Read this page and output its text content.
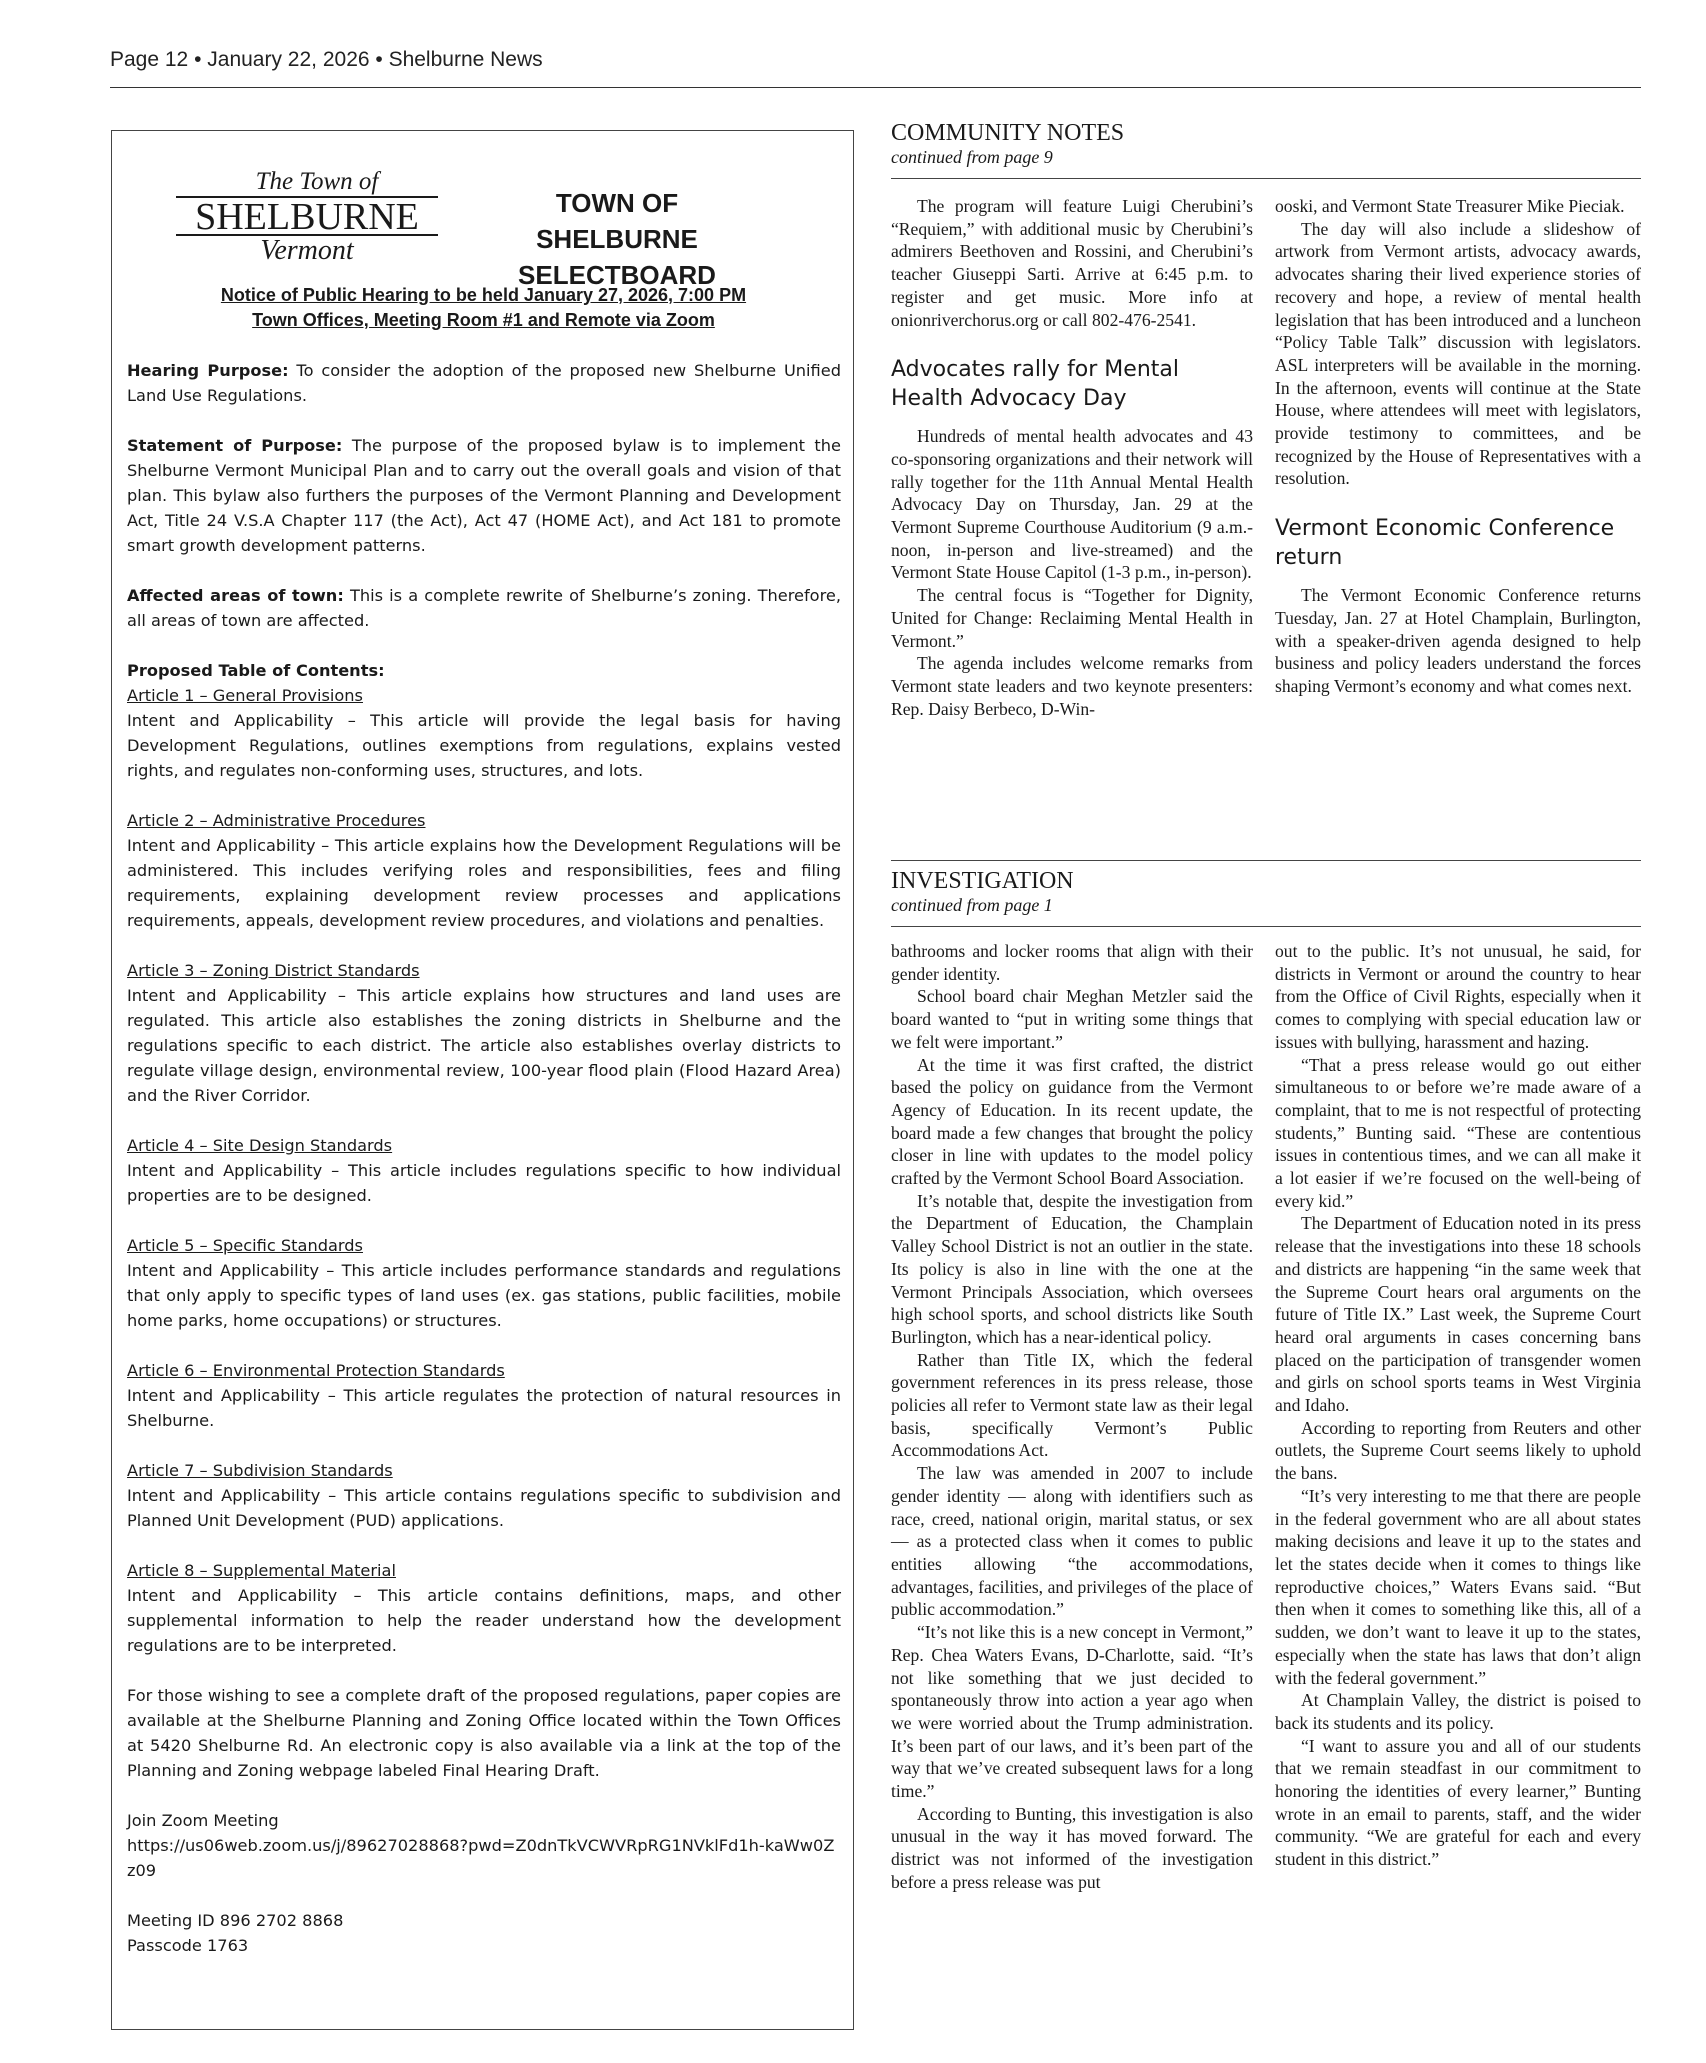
Page 12 • January 22, 2026 • Shelburne News
The Town of
SHELBURNE
Vermont
TOWN OF SHELBURNE
SELECTBOARD
Notice of Public Hearing to be held January 27, 2026, 7:00 PM
Town Offices, Meeting Room #1 and Remote via Zoom

Hearing Purpose: To consider the adoption of the proposed new Shelburne Unified Land Use Regulations.

Statement of Purpose: The purpose of the proposed bylaw is to implement the Shelburne Vermont Municipal Plan and to carry out the overall goals and vision of that plan. This bylaw also furthers the purposes of the Vermont Planning and Development Act, Title 24 V.S.A Chapter 117 (the Act), Act 47 (HOME Act), and Act 181 to promote smart growth development patterns.

Affected areas of town: This is a complete rewrite of Shelburne’s zoning. Therefore, all areas of town are affected.

Proposed Table of Contents:
Article 1 – General Provisions
Intent and Applicability – This article will provide the legal basis for having Development Regulations, outlines exemptions from regulations, explains vested rights, and regulates non-conforming uses, structures, and lots.
Article 2 – Administrative Procedures
Intent and Applicability – This article explains how the Development Regulations will be administered. This includes verifying roles and responsibilities, fees and filing requirements, explaining development review processes and applications requirements, appeals, development review procedures, and violations and penalties.
Article 3 – Zoning District Standards
Intent and Applicability – This article explains how structures and land uses are regulated. This article also establishes the zoning districts in Shelburne and the regulations specific to each district. The article also establishes overlay districts to regulate village design, environmental review, 100-year flood plain (Flood Hazard Area) and the River Corridor.
Article 4 – Site Design Standards
Intent and Applicability – This article includes regulations specific to how individual properties are to be designed.
Article 5 – Specific Standards
Intent and Applicability – This article includes performance standards and regulations that only apply to specific types of land uses (ex. gas stations, public facilities, mobile home parks, home occupations) or structures.
Article 6 – Environmental Protection Standards
Intent and Applicability – This article regulates the protection of natural resources in Shelburne.
Article 7 – Subdivision Standards
Intent and Applicability – This article contains regulations specific to subdivision and Planned Unit Development (PUD) applications.
Article 8 – Supplemental Material
Intent and Applicability – This article contains definitions, maps, and other supplemental information to help the reader understand how the development regulations are to be interpreted.

For those wishing to see a complete draft of the proposed regulations, paper copies are available at the Shelburne Planning and Zoning Office located within the Town Offices at 5420 Shelburne Rd. An electronic copy is also available via a link at the top of the Planning and Zoning webpage labeled Final Hearing Draft.

Join Zoom Meeting
https://us06web.zoom.us/j/89627028868?pwd=Z0dnTkVCWVRpRG1NVklFd1h-kaWw0Zz09
Meeting ID 896 2702 8868
Passcode 1763
COMMUNITY NOTES
continued from page 9

The program will feature Luigi Cherubini’s “Requiem,” with additional music by Cherubini’s admirers Beethoven and Rossini, and Cherubini’s teacher Giuseppi Sarti. Arrive at 6:45 p.m. to register and get music. More info at onionriverchorus.org or call 802-476-2541.

Advocates rally for Mental Health Advocacy Day

Hundreds of mental health advocates and 43 co-sponsoring organizations and their network will rally together for the 11th Annual Mental Health Advocacy Day on Thursday, Jan. 29 at the Vermont Supreme Courthouse Auditorium (9 a.m.-noon, in-person and live-streamed) and the Vermont State House Capitol (1-3 p.m., in-person).

The central focus is “Together for Dignity, United for Change: Reclaiming Mental Health in Vermont.”

The agenda includes welcome remarks from Vermont state leaders and two keynote presenters: Rep. Daisy Berbeco, D-Win-

ooski, and Vermont State Treasurer Mike Pieciak.

The day will also include a slideshow of artwork from Vermont artists, advocacy awards, advocates sharing their lived experience stories of recovery and hope, a review of mental health legislation that has been introduced and a luncheon “Policy Table Talk” discussion with legislators. ASL interpreters will be available in the morning. In the afternoon, events will continue at the State House, where attendees will meet with legislators, provide testimony to committees, and be recognized by the House of Representatives with a resolution.

Vermont Economic Conference return

The Vermont Economic Conference returns Tuesday, Jan. 27 at Hotel Champlain, Burlington, with a speaker-driven agenda designed to help business and policy leaders understand the forces shaping Vermont’s economy and what comes next.

INVESTIGATION
continued from page 1

bathrooms and locker rooms that align with their gender identity.

School board chair Meghan Metzler said the board wanted to “put in writing some things that we felt were important.”

At the time it was first crafted, the district based the policy on guidance from the Vermont Agency of Education. In its recent update, the board made a few changes that brought the policy closer in line with updates to the model policy crafted by the Vermont School Board Association.

It’s notable that, despite the investigation from the Department of Education, the Champlain Valley School District is not an outlier in the state. Its policy is also in line with the one at the Vermont Principals Association, which oversees high school sports, and school districts like South Burlington, which has a near-identical policy.

Rather than Title IX, which the federal government references in its press release, those policies all refer to Vermont state law as their legal basis, specifically Vermont’s Public Accommodations Act.

The law was amended in 2007 to include gender identity — along with identifiers such as race, creed, national origin, marital status, or sex — as a protected class when it comes to public entities allowing “the accommodations, advantages, facilities, and privileges of the place of public accommodation.”

“It’s not like this is a new concept in Vermont,” Rep. Chea Waters Evans, D-Charlotte, said. “It’s not like something that we just decided to spontaneously throw into action a year ago when we were worried about the Trump administration. It’s been part of our laws, and it’s been part of the way that we’ve created subsequent laws for a long time.”

According to Bunting, this investigation is also unusual in the way it has moved forward. The district was not informed of the investigation before a press release was put

out to the public. It’s not unusual, he said, for districts in Vermont or around the country to hear from the Office of Civil Rights, especially when it comes to complying with special education law or issues with bullying, harassment and hazing.

“That a press release would go out either simultaneous to or before we’re made aware of a complaint, that to me is not respectful of protecting students,” Bunting said. “These are contentious issues in contentious times, and we can all make it a lot easier if we’re focused on the well-being of every kid.”

The Department of Education noted in its press release that the investigations into these 18 schools and districts are happening “in the same week that the Supreme Court hears oral arguments on the future of Title IX.” Last week, the Supreme Court heard oral arguments in cases concerning bans placed on the participation of transgender women and girls on school sports teams in West Virginia and Idaho.

According to reporting from Reuters and other outlets, the Supreme Court seems likely to uphold the bans.

“It’s very interesting to me that there are people in the federal government who are all about states making decisions and leave it up to the states and let the states decide when it comes to things like reproductive choices,” Waters Evans said. “But then when it comes to something like this, all of a sudden, we don’t want to leave it up to the states, especially when the state has laws that don’t align with the federal government.”

At Champlain Valley, the district is poised to back its students and its policy.

“I want to assure you and all of our students that we remain steadfast in our commitment to honoring the identities of every learner,” Bunting wrote in an email to parents, staff, and the wider community. “We are grateful for each and every student in this district.”
